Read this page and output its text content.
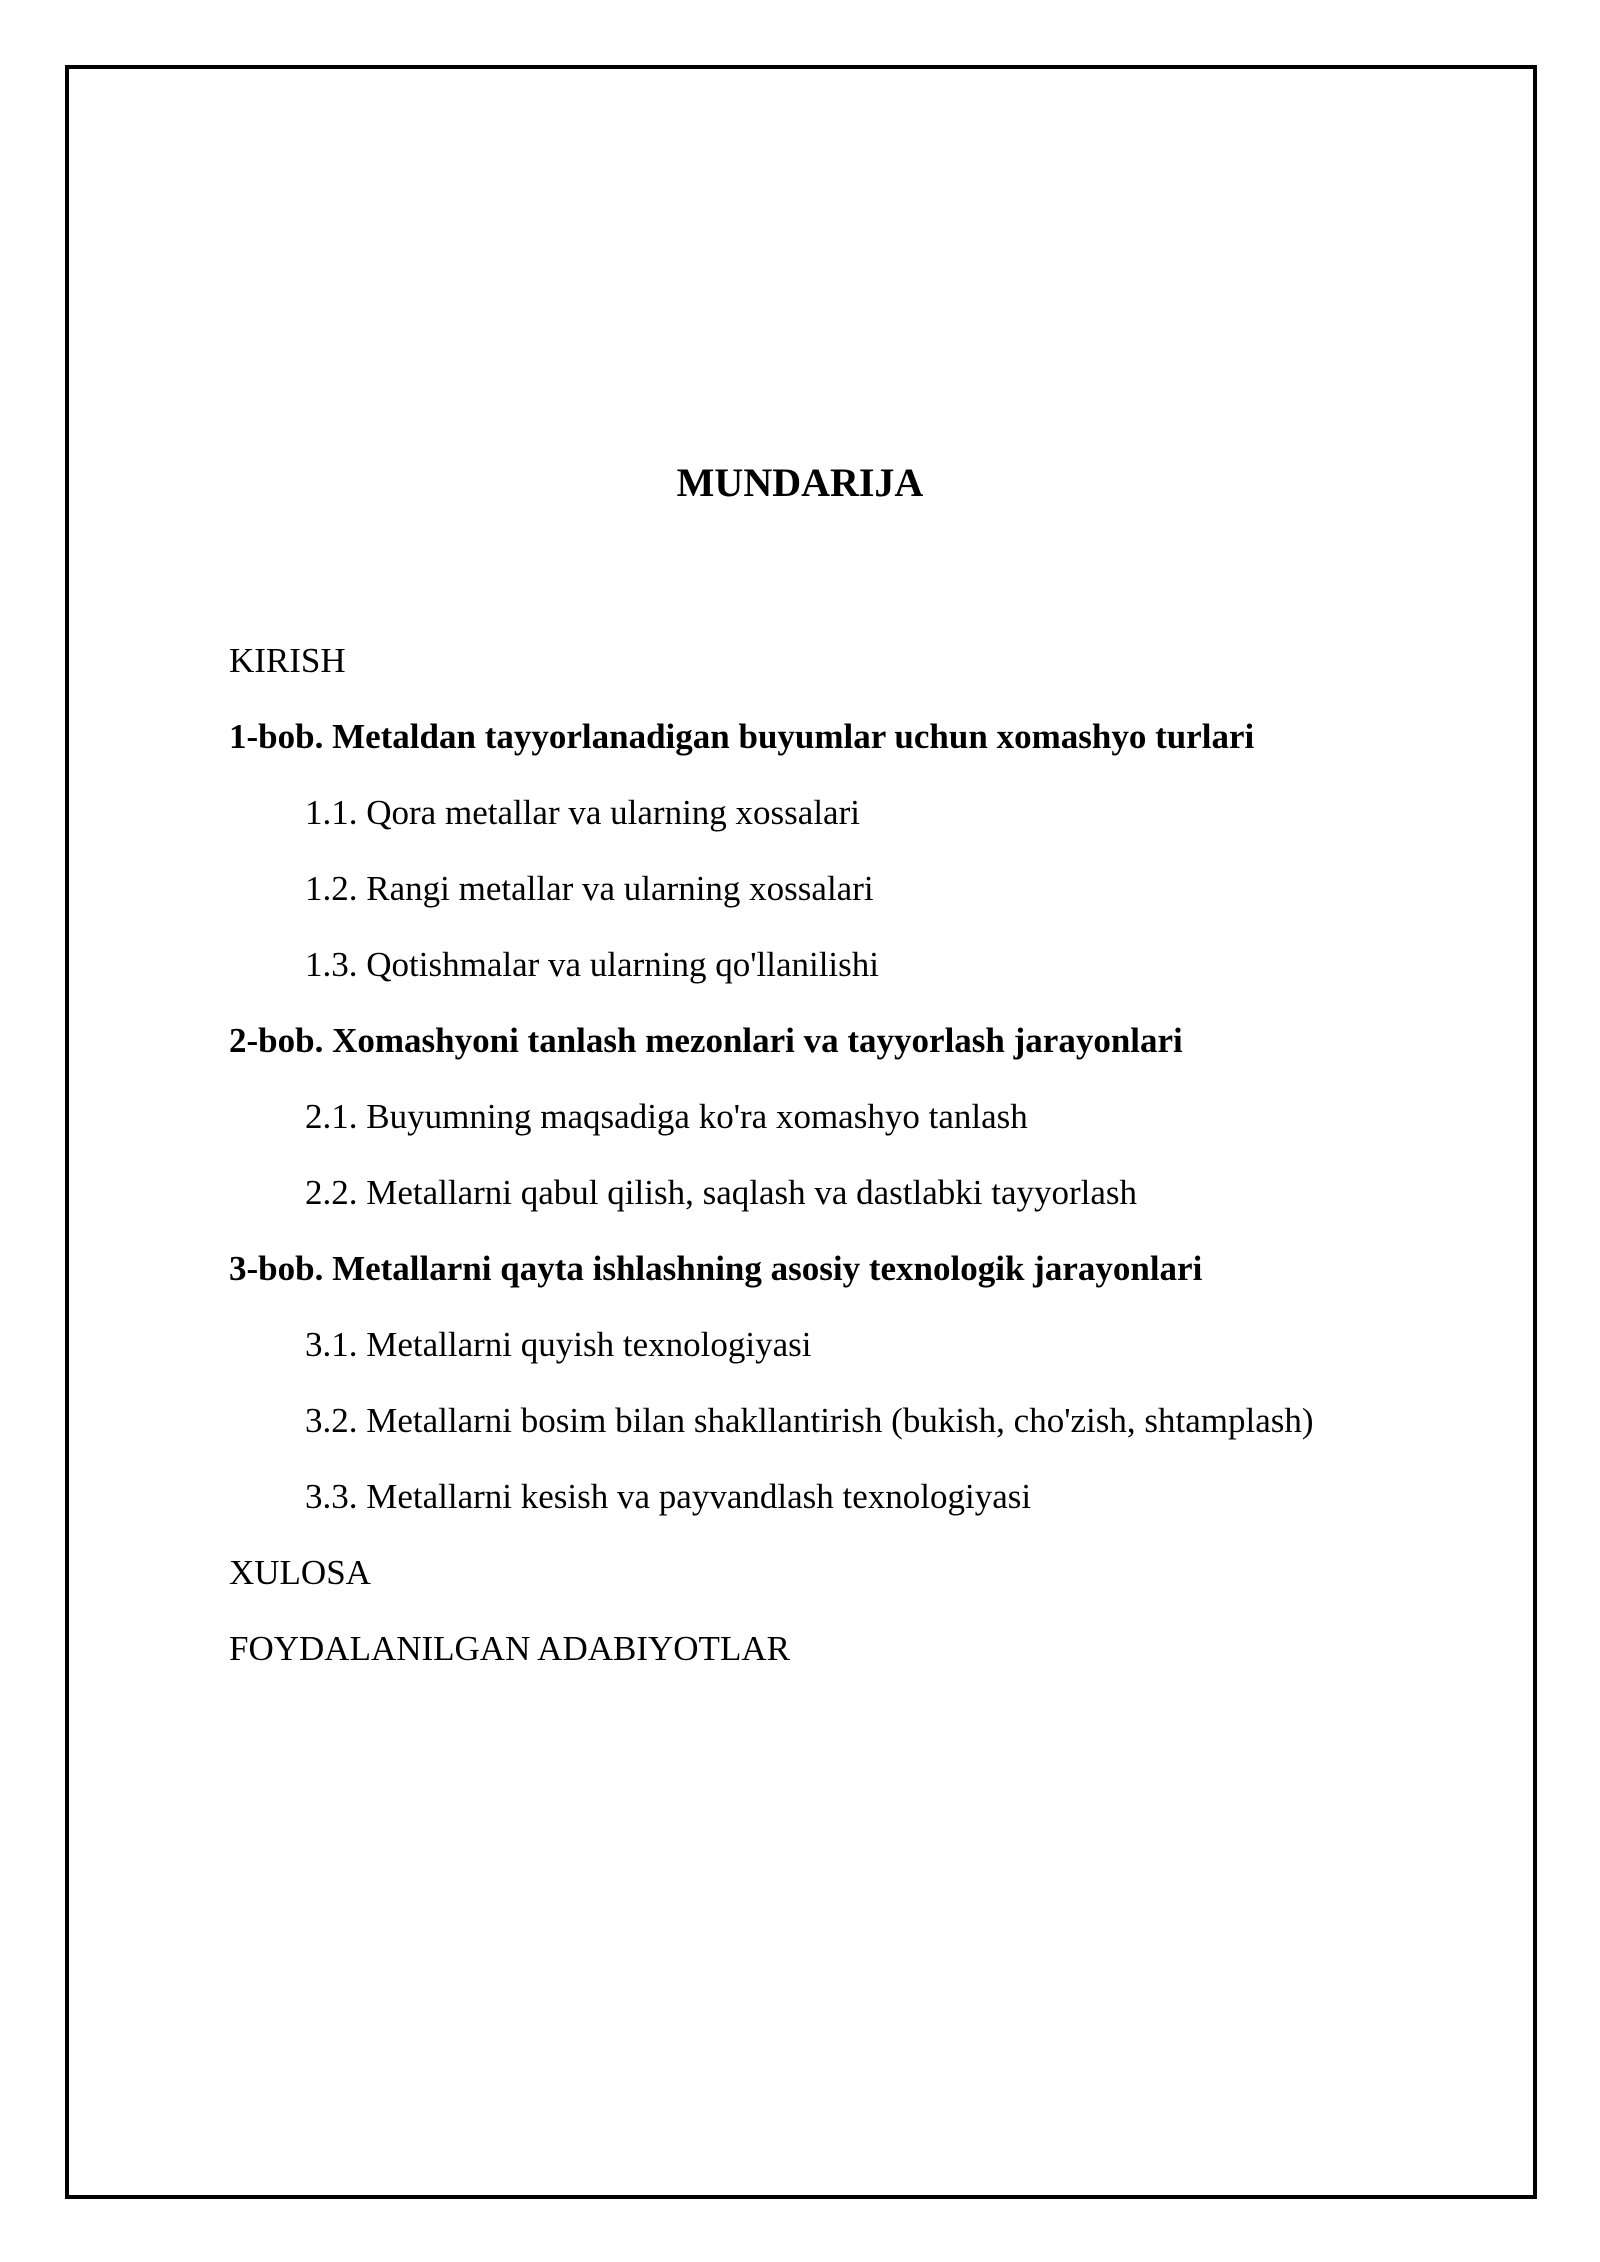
MUNDARIJA
KIRISH
1-bob. Metaldan tayyorlanadigan buyumlar uchun xomashyo turlari
1.1. Qora metallar va ularning xossalari
1.2. Rangi metallar va ularning xossalari
1.3. Qotishmalar va ularning qo'llanilishi
2-bob. Xomashyoni tanlash mezonlari va tayyorlash jarayonlari
2.1. Buyumning maqsadiga ko'ra xomashyo tanlash
2.2. Metallarni qabul qilish, saqlash va dastlabki tayyorlash
3-bob. Metallarni qayta ishlashning asosiy texnologik jarayonlari
3.1. Metallarni quyish texnologiyasi
3.2. Metallarni bosim bilan shakllantirish (bukish, cho'zish, shtamplash)
3.3. Metallarni kesish va payvandlash texnologiyasi
XULOSA
FOYDALANILGAN ADABIYOTLAR
